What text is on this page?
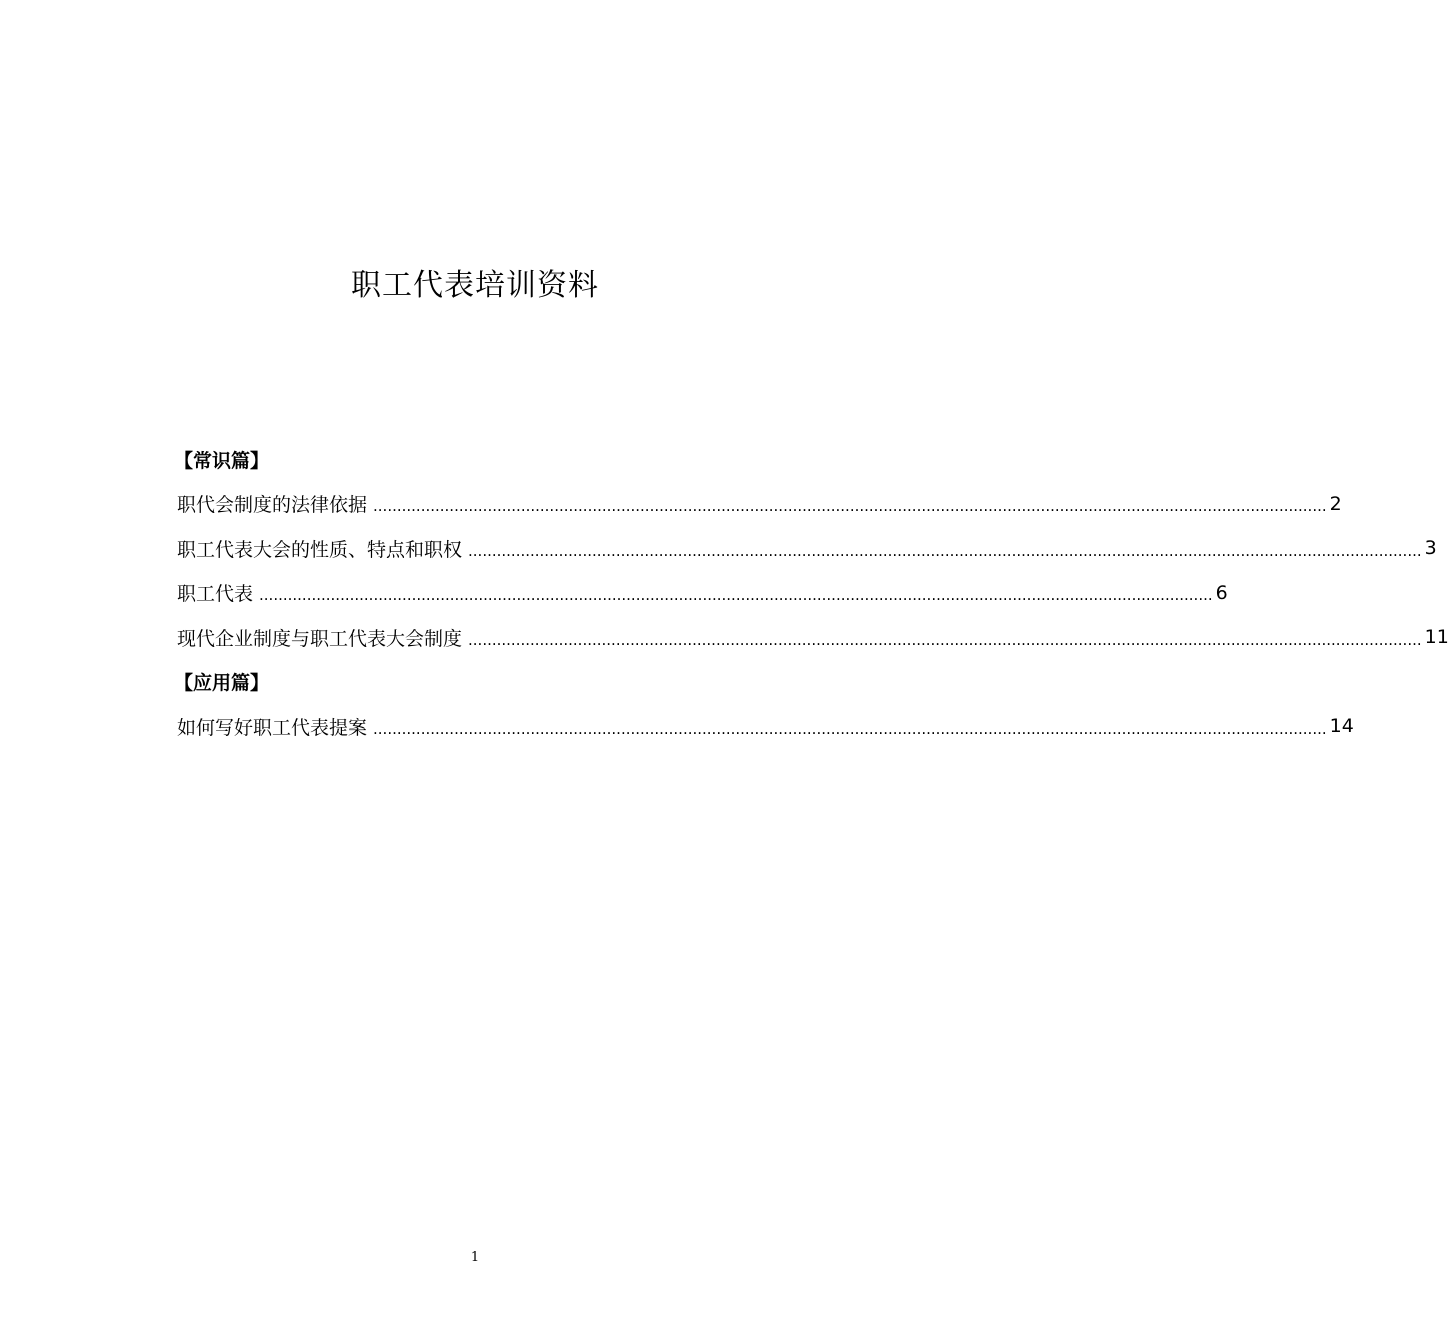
职工代表培训资料
【常识篇】
职代会制度的法律依据 ........................................................................................................................................................................................................ 2
职工代表大会的性质、特点和职权 ........................................................................................................................................................................................................ 3
职工代表 ........................................................................................................................................................................................................ 6
现代企业制度与职工代表大会制度 ........................................................................................................................................................................................................ 11
【应用篇】
如何写好职工代表提案 ........................................................................................................................................................................................................ 14
1
